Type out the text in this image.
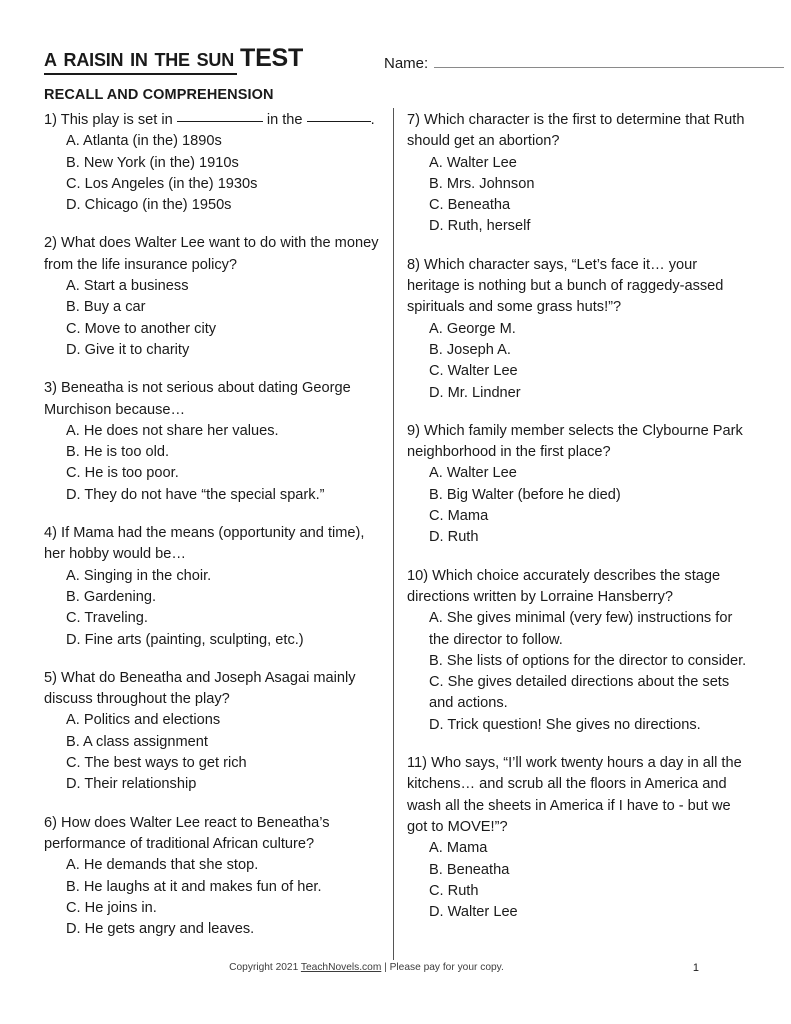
a raisin in the sun TEST	Name:
RECALL AND COMPREHENSION

1) This play is set in	in the	.

A. Atlanta (in the) 1890s
B. New York (in the) 1910s
C. Los Angeles (in the) 1930s
D. Chicago (in the) 1950s

2) What does Walter Lee want to do with the money from the life insurance policy?

A. Start a business
B. Buy a car
C. Move to another city
D. Give it to charity

3) Beneatha is not serious about dating George Murchison because…

A. He does not share her values.
B. He is too old.
C. He is too poor.
D. They do not have “the special spark.”

4) If Mama had the means (opportunity and time), her hobby would be…

A. Singing in the choir.
B. Gardening.
C. Traveling.
D. Fine arts (painting, sculpting, etc.)

5) What do Beneatha and Joseph Asagai mainly discuss throughout the play?

A. Politics and elections
B. A class assignment
C. The best ways to get rich
D. Their relationship

6) How does Walter Lee react to Beneatha’s performance of traditional African culture?

A. He demands that she stop.
B. He laughs at it and makes fun of her.
C. He joins in.
D. He gets angry and leaves.

7) Which character is the first to determine that Ruth should get an abortion?

A. Walter Lee
B. Mrs. Johnson
C. Beneatha
D. Ruth, herself

8) Which character says, “Let’s face it… your heritage is nothing but a bunch of raggedy-assed spirituals and some grass huts!”?

A. George M.
B. Joseph A.
C. Walter Lee
D. Mr. Lindner

9) Which family member selects the Clybourne Park neighborhood in the first place?

A. Walter Lee
B. Big Walter (before he died)
C. Mama
D. Ruth

10) Which choice accurately describes the stage directions written by Lorraine Hansberry?

A. She gives minimal (very few) instructions for the director to follow.
B. She lists of options for the director to consider.
C. She gives detailed directions about the sets and actions.
D. Trick question! She gives no directions.

11) Who says, “I’ll work twenty hours a day in all the kitchens… and scrub all the floors in America and wash all the sheets in America if I have to - but we got to MOVE!”?

A. Mama
B. Beneatha
C. Ruth
D. Walter Lee
Copyright 2021 TeachNovels.com | Please pay for your copy.	1
